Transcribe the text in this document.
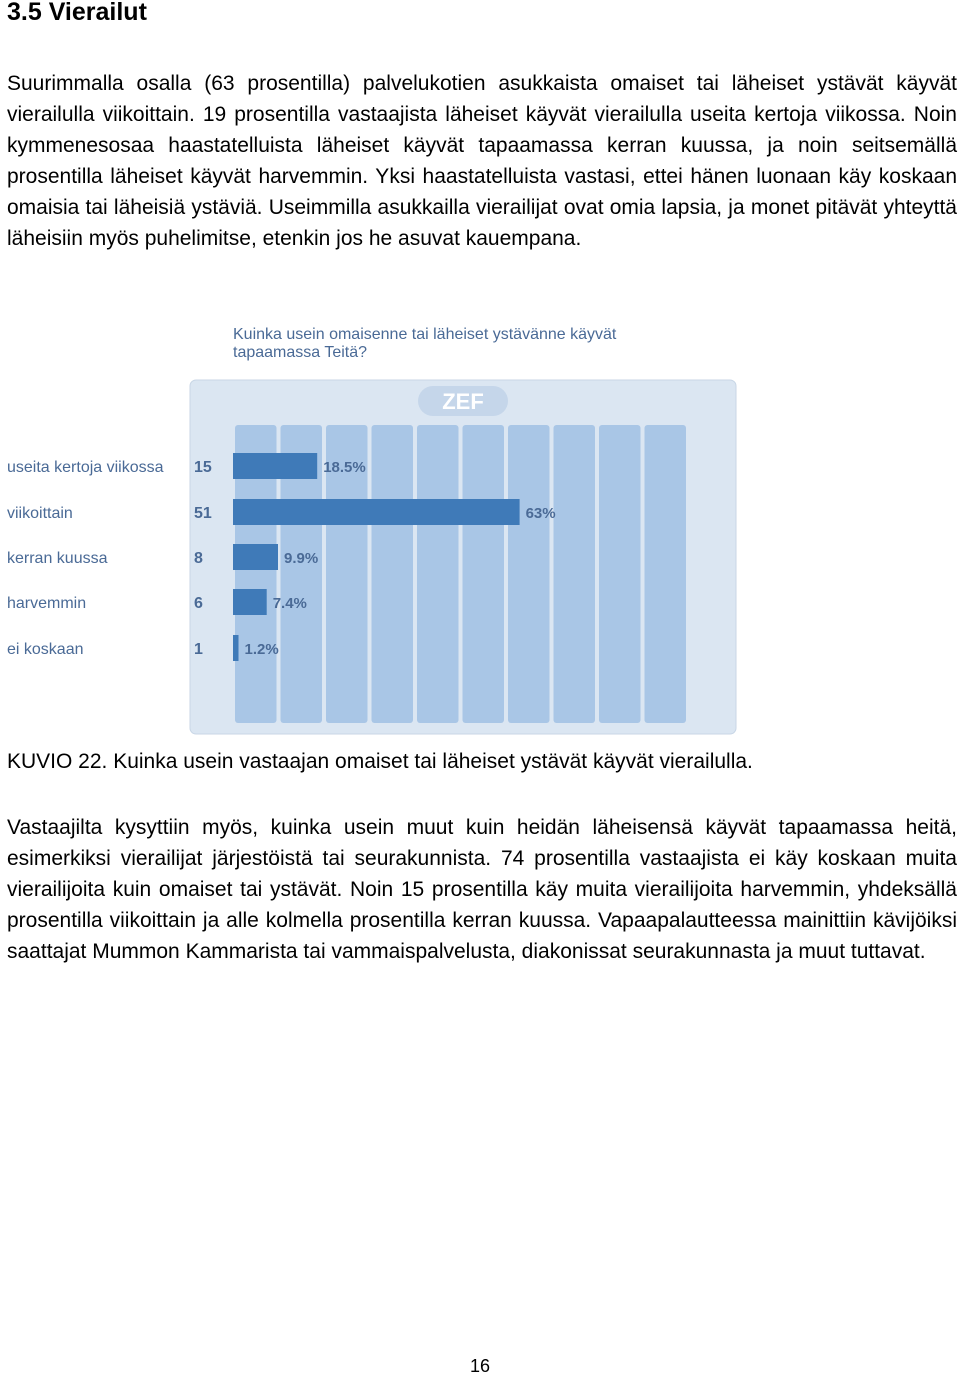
3.5 Vierailut

Suurimmalla osalla (63 prosentilla) palvelukotien asukkaista omaiset tai läheiset ystävät käyvät vierailulla viikoittain. 19 prosentilla vastaajista läheiset käyvät vierailulla useita kertoja viikossa. Noin kymmenesosaa haastatelluista läheiset käyvät tapaamassa kerran kuussa, ja noin seitsemällä prosentilla läheiset käyvät harvemmin. Yksi haastatelluista vastasi, ettei hänen luonaan käy koskaan omaisia tai läheisiä ystäviä. Useimmilla asukkailla vierailijat ovat omia lapsia, ja monet pitävät yhteyttä läheisiin myös puhelimitse, etenkin jos he asuvat kauempana.

Kuinka usein omaisenne tai läheiset ystävänne käyvät tapaamassa Teitä?

ZEF
useita kertoja viikossa 15	18.5%
viikoittain	51	63%
kerran kuussa	8	9.9%
harvemmin	6	7.4%
ei koskaan	1	1.2%

KUVIO 22. Kuinka usein vastaajan omaiset tai läheiset ystävät käyvät vierailulla.

Vastaajilta kysyttiin myös, kuinka usein muut kuin heidän läheisensä käyvät tapaamassa heitä, esimerkiksi vierailijat järjestöistä tai seurakunnista. 74 prosentilla vastaajista ei käy koskaan muita vierailijoita kuin omaiset tai ystävät. Noin 15 prosentilla käy muita vierailijoita harvemmin, yhdeksällä prosentilla viikoittain ja alle kolmella prosentilla kerran kuussa. Vapaapalautteessa mainittiin kävijöiksi saattajat Mummon Kammarista tai vammaispalvelusta, diakonissat seurakunnasta ja muut tuttavat.

16
